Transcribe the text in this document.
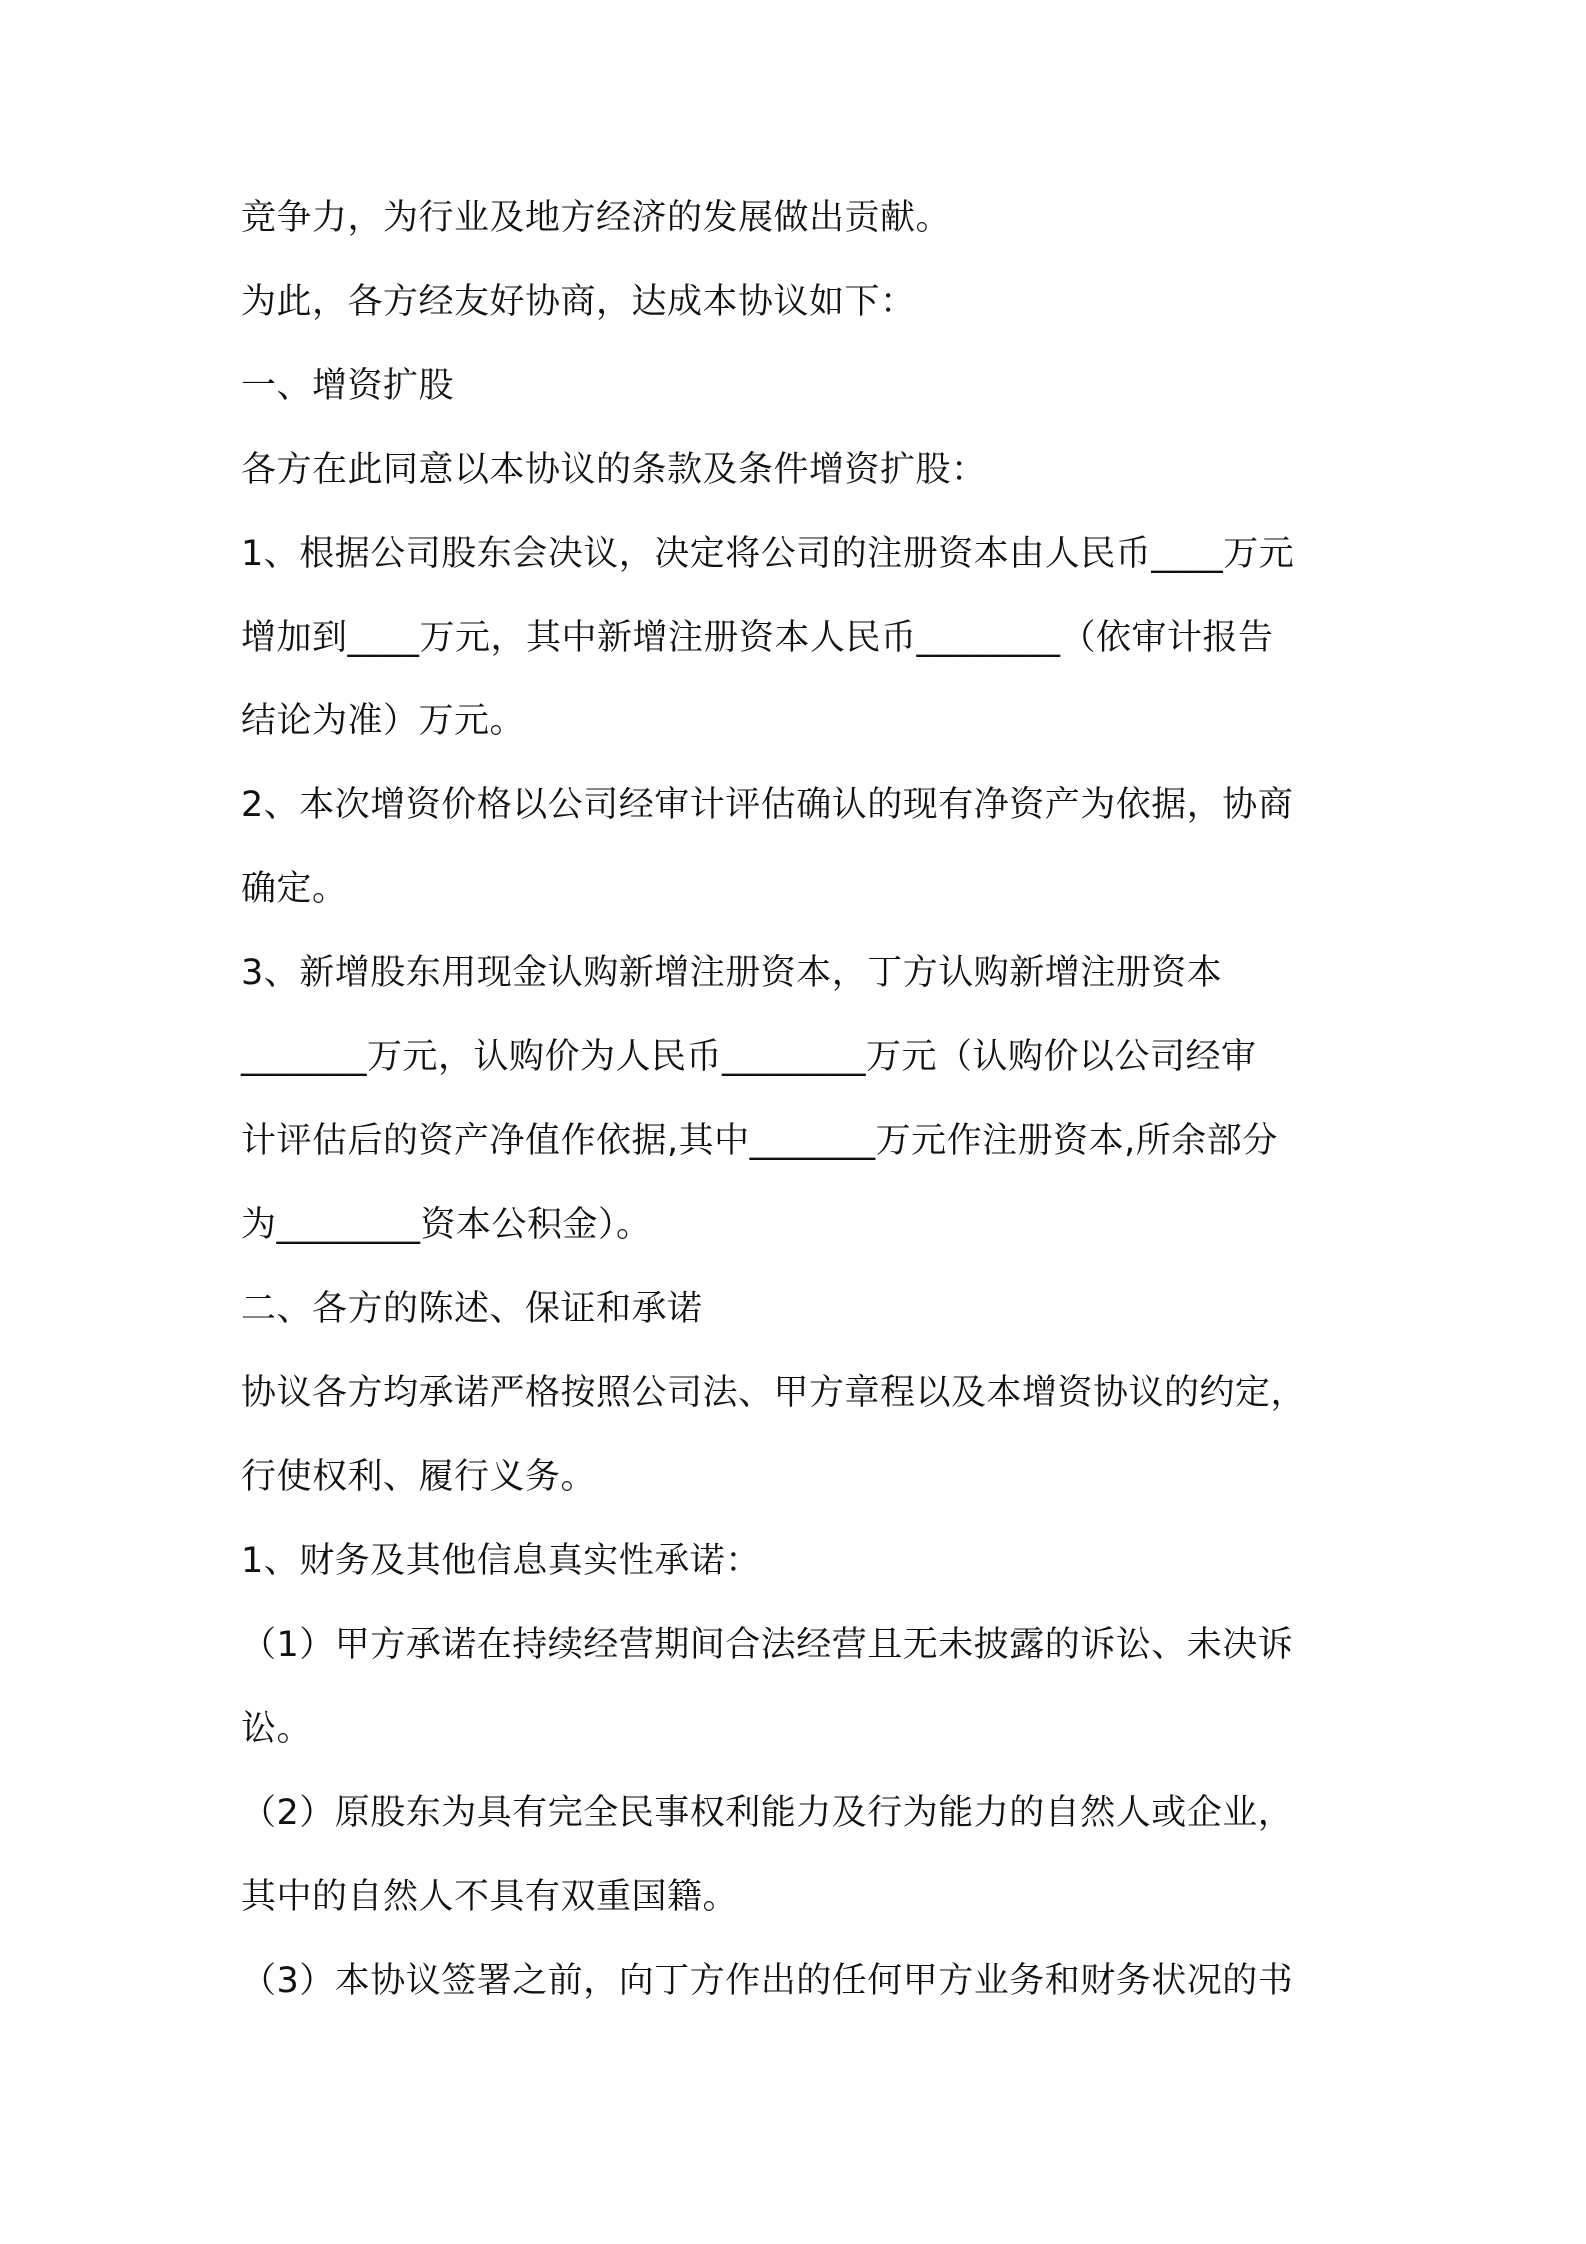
竞争力，为行业及地方经济的发展做出贡献。
为此，各方经友好协商，达成本协议如下：
一、增资扩股
各方在此同意以本协议的条款及条件增资扩股：
1、根据公司股东会决议，决定将公司的注册资本由人民币____万元
增加到____万元，其中新增注册资本人民币________（依审计报告
结论为准）万元。
2、本次增资价格以公司经审计评估确认的现有净资产为依据，协商
确定。
3、新增股东用现金认购新增注册资本，丁方认购新增注册资本
_______万元，认购价为人民币________万元（认购价以公司经审
计评估后的资产净值作依据,其中_______万元作注册资本,所余部分
为________资本公积金）。
二、各方的陈述、保证和承诺
协议各方均承诺严格按照公司法、甲方章程以及本增资协议的约定，
行使权利、履行义务。
1、财务及其他信息真实性承诺：
（1）甲方承诺在持续经营期间合法经营且无未披露的诉讼、未决诉
讼。
（2）原股东为具有完全民事权利能力及行为能力的自然人或企业，
其中的自然人不具有双重国籍。
（3）本协议签署之前，向丁方作出的任何甲方业务和财务状况的书
